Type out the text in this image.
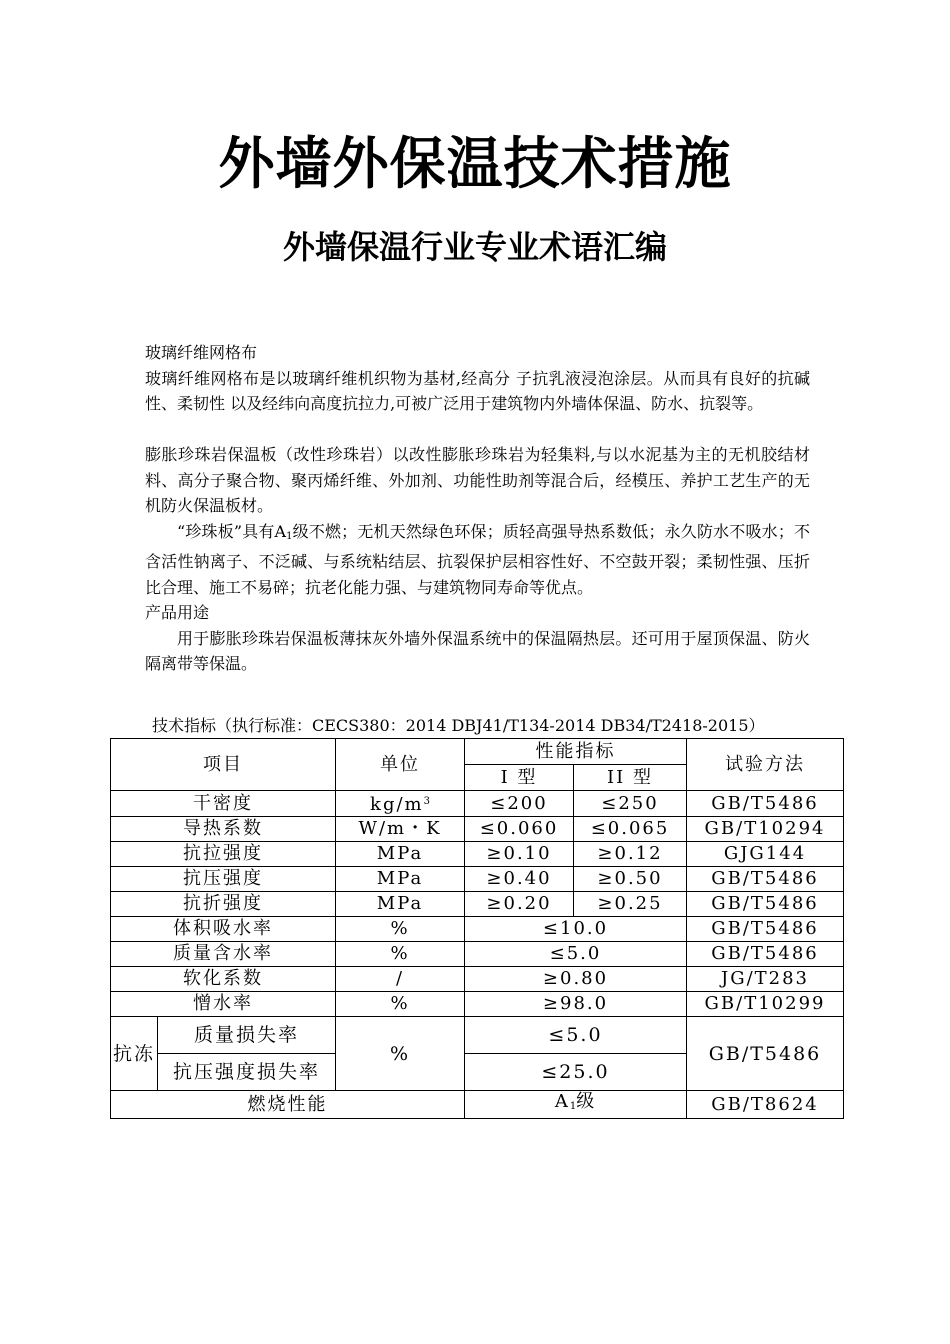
外墙外保温技术措施
外墙保温行业专业术语汇编

玻璃纤维网格布

玻璃纤维网格布是以玻璃纤维机织物为基材,经高分 子抗乳液浸泡涂层。从而具有良好的抗碱性、柔韧性 以及经纬向高度抗拉力,可被广泛用于建筑物内外墙体保温、防水、抗裂等。

膨胀珍珠岩保温板（改性珍珠岩）以改性膨胀珍珠岩为轻集料,与以水泥基为主的无机胶结材料、高分子聚合物、聚丙烯纤维、外加剂、功能性助剂等混合后，经模压、养护工艺生产的无机防火保温板材。

“珍珠板”具有$A_1$级不燃；无机天然绿色环保；质轻高强导热系数低；永久防水不吸水；不含活性钠离子、不泛碱、与系统粘结层、抗裂保护层相容性好、不空鼓开裂；柔韧性强、压折比合理、施工不易碎；抗老化能力强、与建筑物同寿命等优点。

产品用途

用于膨胀珍珠岩保温板薄抹灰外墙外保温系统中的保温隔热层。还可用于屋顶保温、防火隔离带等保温。

技术指标（执行标准：CECS380：2014 DBJ41/T134-2014 DB34/T2418-2015）
项目		单位	性能指标		试验方法
			I 型	II 型	
干密度		$kg/m^3$	≤200	≤250	GB/T5486
导热系数		W/m・K	≤0.060	≤0.065	GB/T10294
抗拉强度		MPa	≥0.10	≥0.12	GJG144
抗压强度		MPa	≥0.40	≥0.50	GB/T5486
抗折强度		MPa	≥0.20	≥0.25	GB/T5486
体积吸水率		%	≤10.0		GB/T5486
质量含水率		%	≤5.0		GB/T5486
软化系数		/	≥0.80		JG/T283
憎水率		%	≥98.0		GB/T10299
抗冻	质量损失率	%	≤5.0		GB/T5486
	抗压强度损失率		≤25.0		
燃烧性能			$A_1$级		GB/T8624
